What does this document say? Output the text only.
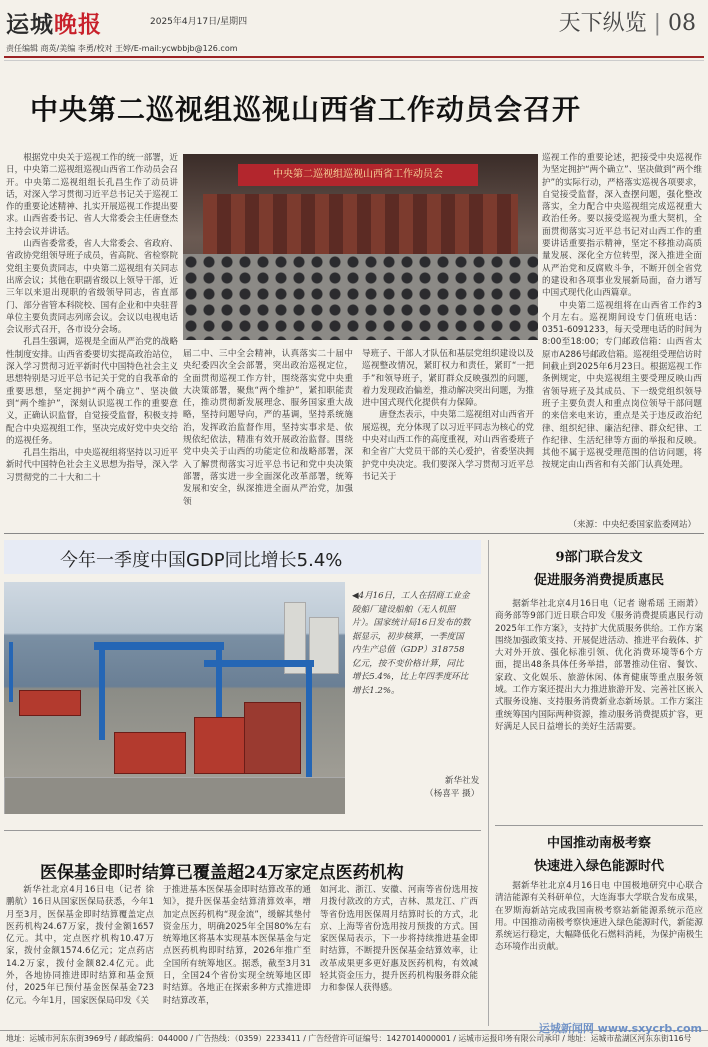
运城晚报	2025年4月17日/星期四	天下纵览 | 08
责任编辑 商英/美编 李勇/校对 王婷/E-mail:ycwbbjb@126.com
中央第二巡视组巡视山西省工作动员会召开

根据党中央关于巡视工作的统一部署，近日，中央第二巡视组巡视山西省工作动员会召开。中央第二巡视组组长孔昌生作了动员讲话，对深入学习贯彻习近平总书记关于巡视工作的重要论述精神、扎实开展巡视工作提出要求。山西省委书记、省人大常委会主任唐登杰主持会议并讲话。

山西省委常委，省人大常委会、省政府、省政协党组领导班子成员，省高院、省检察院党组主要负责同志，中央第二巡视组有关同志出席会议；其他在职副省级以上领导干部，近三年以来退出现职的省级领导同志，省直部门、部分省管本科院校、国有企业和中央驻晋单位主要负责同志列席会议。会议以电视电话会议形式召开，各市设分会场。

孔昌生强调，巡视是全面从严治党的战略性制度安排。山西省委要切实提高政治站位，深入学习贯彻习近平新时代中国特色社会主义思想特别是习近平总书记关于党的自我革命的重要思想，坚定拥护“两个确立”、坚决做到“两个维护”，深刻认识巡视工作的重要意义，正确认识监督，自觉接受监督，积极支持配合中央巡视组工作，坚决完成好党中央交给的巡视任务。

孔昌生指出，中央巡视组将坚持以习近平新时代中国特色社会主义思想为指导，深入学习贯彻党的二十大和二十

中央第二巡视组巡视山西省工作动员会

届二中、三中全会精神，认真落实二十届中央纪委四次全会部署，突出政治巡视定位，全面贯彻巡视工作方针，围绕落实党中央重大决策部署，聚焦“两个维护”，紧扣职能责任，推动贯彻新发展理念、服务国家重大战略，坚持问题导向，严的基调，坚持系统施治，发挥政治监督作用，坚持实事求是、依规依纪依法，精准有效开展政治监督。围绕党中央关于山西的功能定位和战略部署，深入了解贯彻落实习近平总书记和党中央决策部署，落实进一步全面深化改革部署，统筹发展和安全，纵深推进全面从严治党，加强领

导班子、干部人才队伍和基层党组织建设以及巡视整改情况，紧盯权力和责任，紧盯“一把手”和领导班子，紧盯群众反映强烈的问题，着力发现政治偏差，推动解决突出问题，为推进中国式现代化提供有力保障。

唐登杰表示，中央第二巡视组对山西省开展巡视，充分体现了以习近平同志为核心的党中央对山西工作的高度重视，对山西省委班子和全省广大党员干部的关心爱护，省委坚决拥护党中央决定。我们要深入学习贯彻习近平总书记关于

巡视工作的重要论述，把接受中央巡视作为坚定拥护“两个确立”、坚决做到“两个维护”的实际行动，严格落实巡视各项要求，自觉接受监督，深入查摆问题，强化整改落实，全力配合中央巡视组完成巡视重大政治任务。要以接受巡视为重大契机，全面贯彻落实习近平总书记对山西工作的重要讲话重要指示精神，坚定不移推动高质量发展、深化全方位转型，深入推进全面从严治党和反腐败斗争，不断开创全省党的建设和各项事业发展新局面，奋力谱写中国式现代化山西篇章。

中央第二巡视组将在山西省工作约3个月左右。巡视期间设专门值班电话：0351-6091233，每天受理电话的时间为8:00至18:00；专门邮政信箱：山西省太原市A286号邮政信箱。巡视组受理信访时间截止到2025年6月23日。根据巡视工作条例规定，中央巡视组主要受理反映山西省领导班子及其成员、下一级党组织领导班子主要负责人和重点岗位领导干部问题的来信来电来访，重点是关于违反政治纪律、组织纪律、廉洁纪律、群众纪律、工作纪律、生活纪律等方面的举报和反映。其他不属于巡视受理范围的信访问题，将按规定由山西省和有关部门认真处理。

（来源：中央纪委国家监委网站）
今年一季度中国GDP同比增长5.4%
◀4月16日，工人在招商工业金陵船厂建设船舶（无人机照片）。国家统计局16日发布的数据显示，初步核算，一季度国内生产总值（GDP）318758亿元，按不变价格计算，同比增长5.4%，比上年四季度环比增长1.2%。
新华社发
（杨喜平 摄）
医保基金即时结算已覆盖超24万家定点医药机构

新华社北京4月16日电（记者 徐鹏航）16日从国家医保局获悉，今年1月至3月，医保基金即时结算覆盖定点医药机构24.67万家，拨付金额1657亿元。其中，定点医疗机构10.47万家，拨付金额1574.6亿元；定点药店14.2万家，拨付金额82.4亿元。此外，各地协同推进即时结算和基金预付，2025年已预付基金医保基金723亿元。今年1月，国家医保局印发《关

于推进基本医保基金即时结算改革的通知》，提升医保基金结算清算效率，增加定点医药机构“现金流”，缓解其垫付资金压力，明确2025年全国80%左右统筹地区将基本实现基本医保基金与定点医药机构即时结算，2026年推广至全国所有统筹地区。据悉，截至3月31日，全国24个省份实现全统筹地区即时结算。各地正在探索多种方式推进即时结算改革，

如河北、浙江、安徽、河南等省份选用按月拨付款改的方式，吉林、黑龙江、广西等省份选用医保周月结算时长的方式，北京、上海等省份选用按月预拨的方式。国家医保局表示，下一步将持续推进基金即时结算，不断提升医保基金结算效率，让改革成果更多更好惠及医药机构，有效减轻其资金压力，提升医药机构服务群众能力和参保人获得感。

9部门联合发文
促进服务消费提质惠民

据新华社北京4月16日电（记者 谢希瑶 王雨萧）商务部等9部门近日联合印发《服务消费提质惠民行动2025年工作方案》，支持扩大优质服务供给。工作方案围绕加强政策支持、开展促进活动、推进平台载体、扩大对外开放、强化标准引领、优化消费环境等6个方面，提出48条具体任务举措，部署推动住宿、餐饮、家政、文化娱乐、旅游休闲、体育健康等重点服务领域。工作方案还提出大力推进旅游开发、完善社区嵌入式服务设施、支持服务消费新业态新场景。工作方案注重统筹国内国际两种资源，推动服务消费提质扩容，更好满足人民日益增长的美好生活需要。

中国推动南极考察
快速进入绿色能源时代

据新华社北京4月16日电 中国极地研究中心联合清洁能源有关科研单位，大连海事大学联合发布成果，在罗斯海新站完成我国南极考察站新能源系统示范应用。中国推动南极考察快速进入绿色能源时代，新能源系统运行稳定，大幅降低化石燃料消耗，为保护南极生态环境作出贡献。

地址：运城市河东东街3969号 / 邮政编码：044000 / 广告热线：（0359）2233411 / 广告经营许可证编号：1427014000001 / 运城市运报印务有限公司承印 / 地址：运城市盐湖区河东东街116号
运城新闻网 www.sxycrb.com
